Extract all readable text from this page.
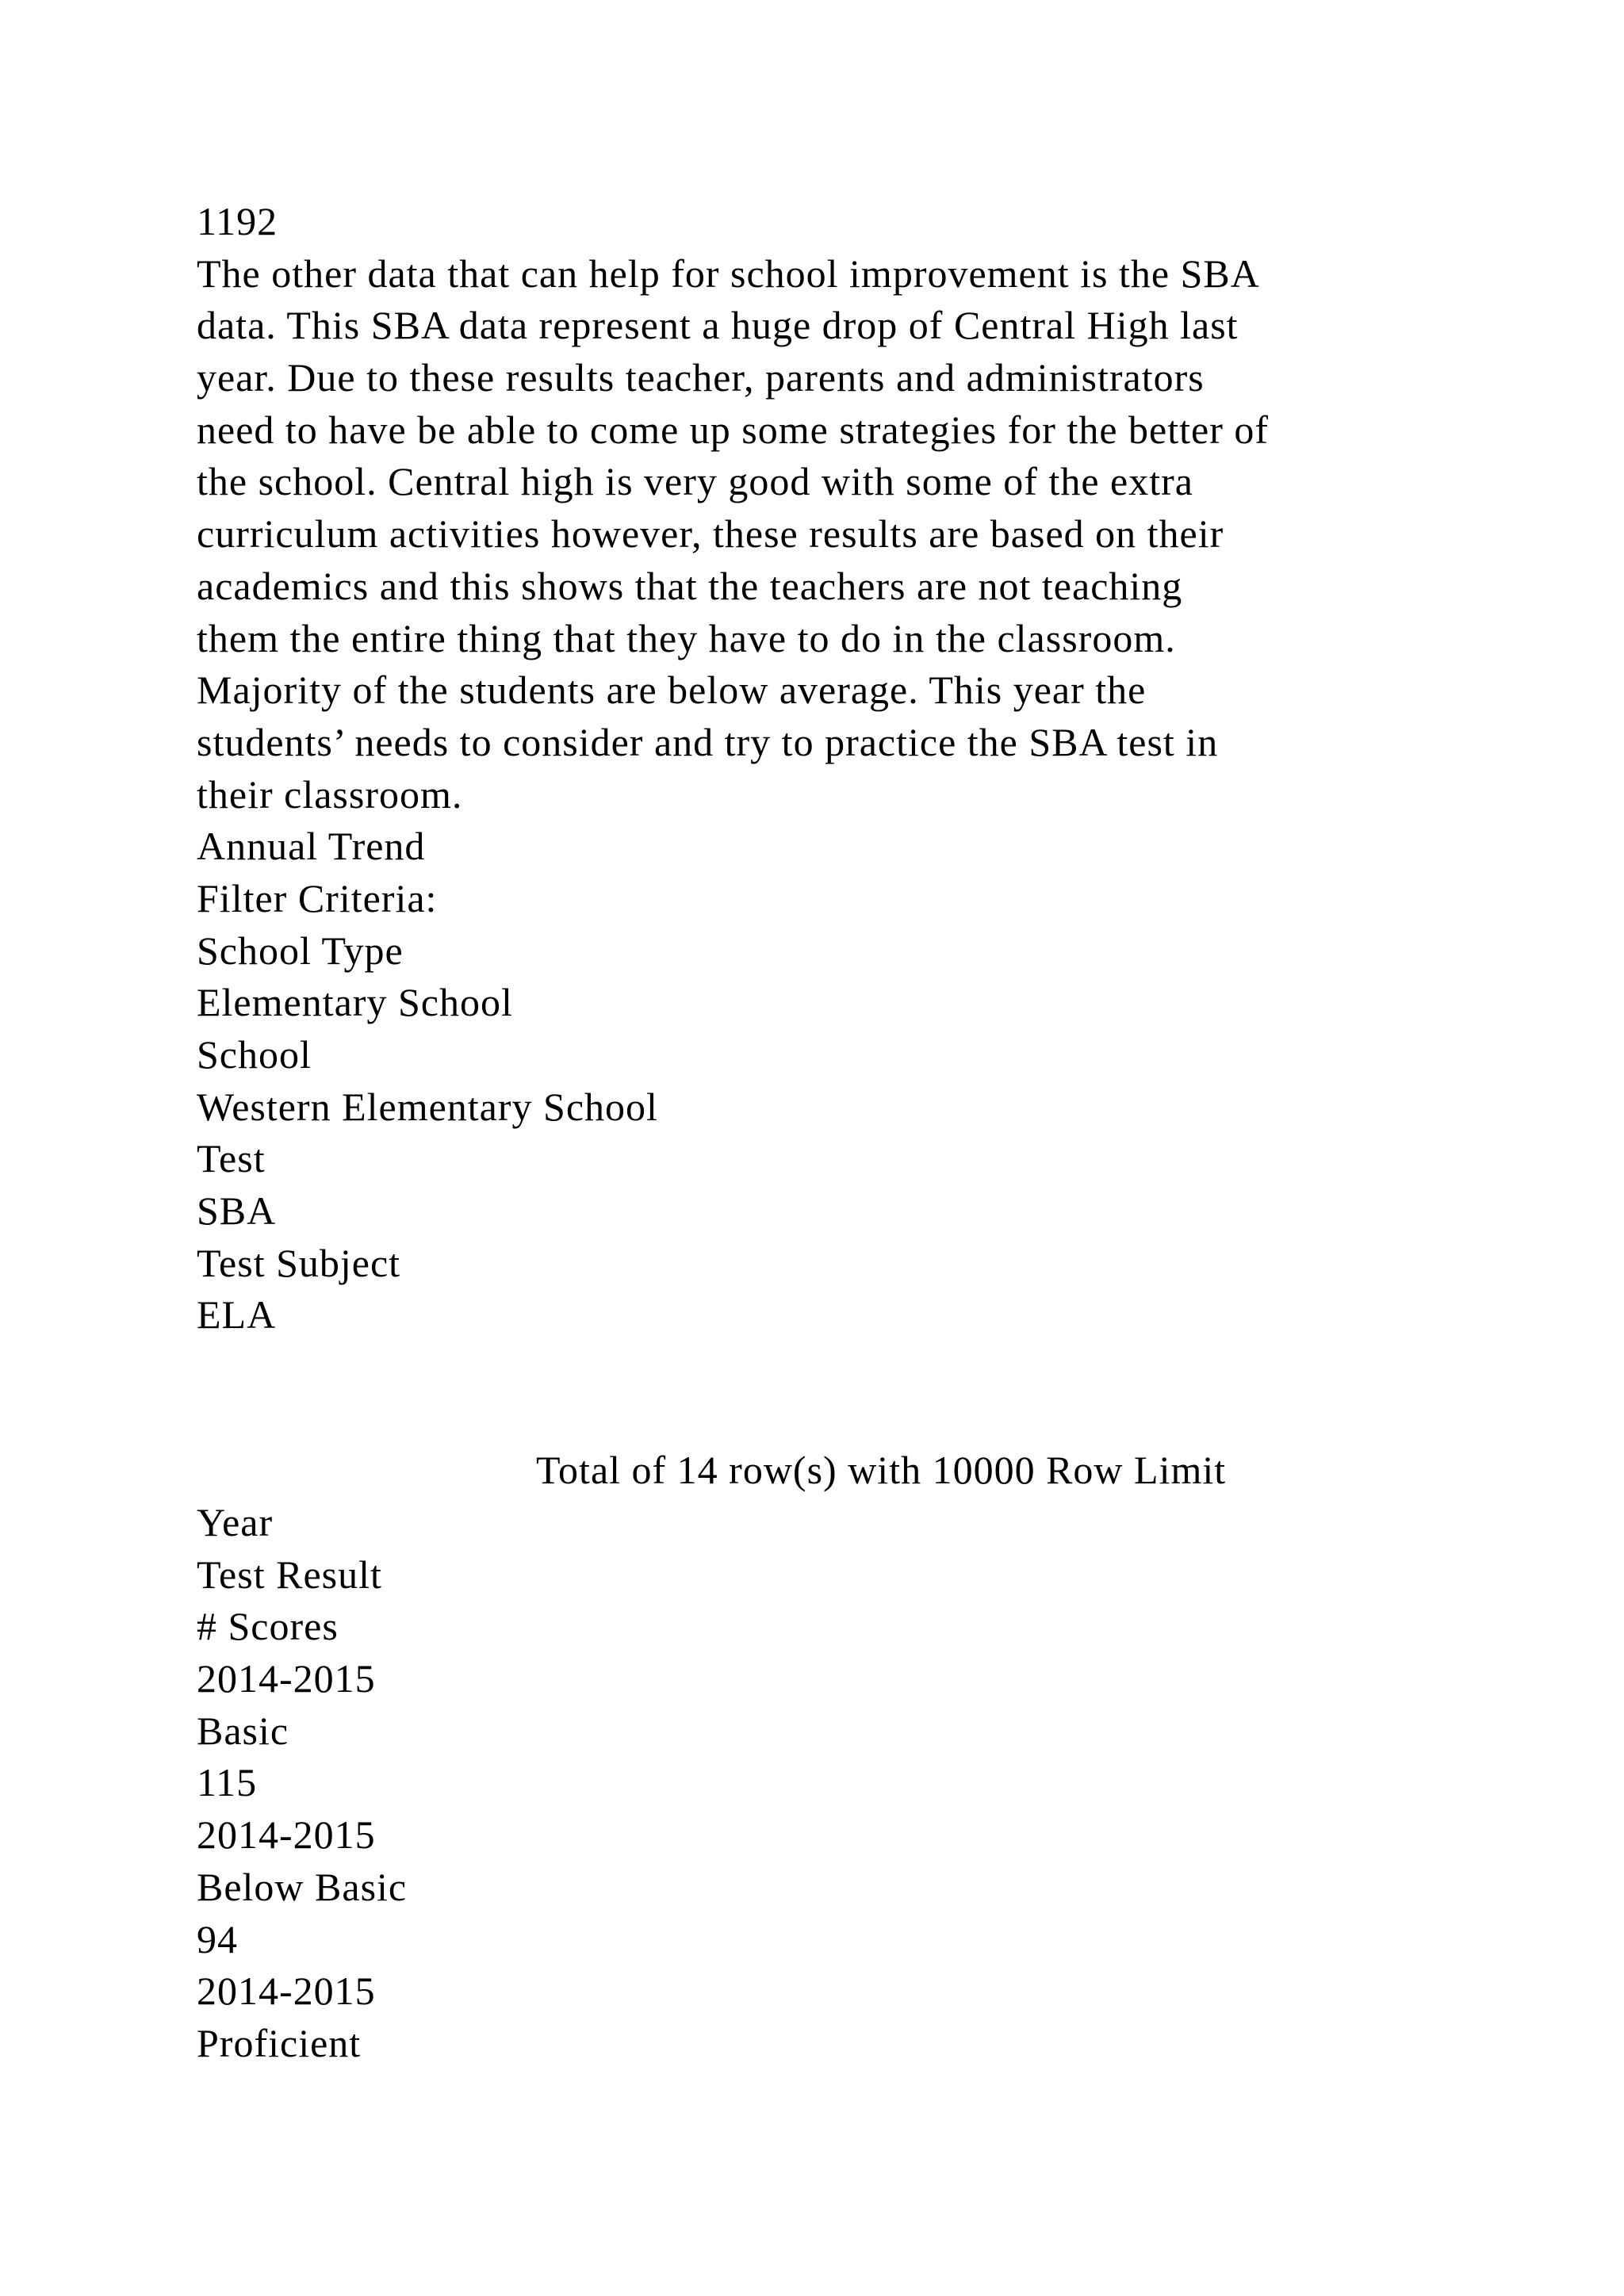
1192
The other data that can help for school improvement is the SBA
data. This SBA data represent a huge drop of Central High last
year. Due to these results teacher, parents and administrators
need to have be able to come up some strategies for the better of
the school. Central high is very good with some of the extra
curriculum activities however, these results are based on their
academics and this shows that the teachers are not teaching
them the entire thing that they have to do in the classroom.
Majority of the students are below average. This year the
students’ needs to consider and try to practice the SBA test in
their classroom.
Annual Trend
Filter Criteria:
School Type
Elementary School
School
Western Elementary School
Test
SBA
Test Subject
ELA
Total of 14 row(s) with 10000 Row Limit
Year
Test Result
# Scores
2014-2015
Basic
115
2014-2015
Below Basic
94
2014-2015
Proficient
